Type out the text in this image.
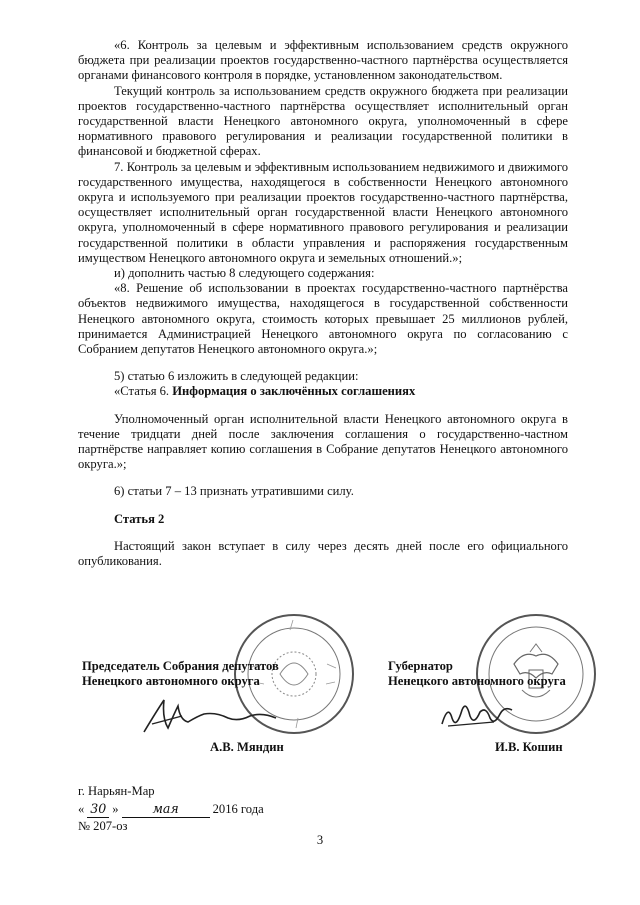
«6. Контроль за целевым и эффективным использованием средств окружного бюджета при реализации проектов государственно-частного партнёрства осуществляется органами финансового контроля в порядке, установленном законодательством.

Текущий контроль за использованием средств окружного бюджета при реализации проектов государственно-частного партнёрства осуществляет исполнительный орган государственной власти Ненецкого автономного округа, уполномоченный в сфере нормативного правового регулирования и реализации государственной политики в финансовой и бюджетной сферах.

7. Контроль за целевым и эффективным использованием недвижимого и движимого государственного имущества, находящегося в собственности Ненецкого автономного округа и используемого при реализации проектов государственно-частного партнёрства, осуществляет исполнительный орган государственной власти Ненецкого автономного округа, уполномоченный в сфере нормативного правового регулирования и реализации государственной политики в области управления и распоряжения государственным имуществом Ненецкого автономного округа и земельных отношений.»;

и) дополнить частью 8 следующего содержания:

«8. Решение об использовании в проектах государственно-частного партнёрства объектов недвижимого имущества, находящегося в государственной собственности Ненецкого автономного округа, стоимость которых превышает 25 миллионов рублей, принимается Администрацией Ненецкого автономного округа по согласованию с Собранием депутатов Ненецкого автономного округа.»;

5) статью 6 изложить в следующей редакции:

«Статья 6. Информация о заключённых соглашениях

Уполномоченный орган исполнительной власти Ненецкого автономного округа в течение тридцати дней после заключения соглашения о государственно-частном партнёрстве направляет копию соглашения в Собрание депутатов Ненецкого автономного округа.»;

6) статьи 7 – 13 признать утратившими силу.

Статья 2

Настоящий закон вступает в силу через десять дней после его официального опубликования.

Председатель Собрания депутатов
Ненецкого автономного округа
Губернатор
Ненецкого автономного округа
А.В. Мяндин	И.В. Кошин
г. Нарьян-Мар
« 30 »	мая	2016 года
№ 207-оз
3
